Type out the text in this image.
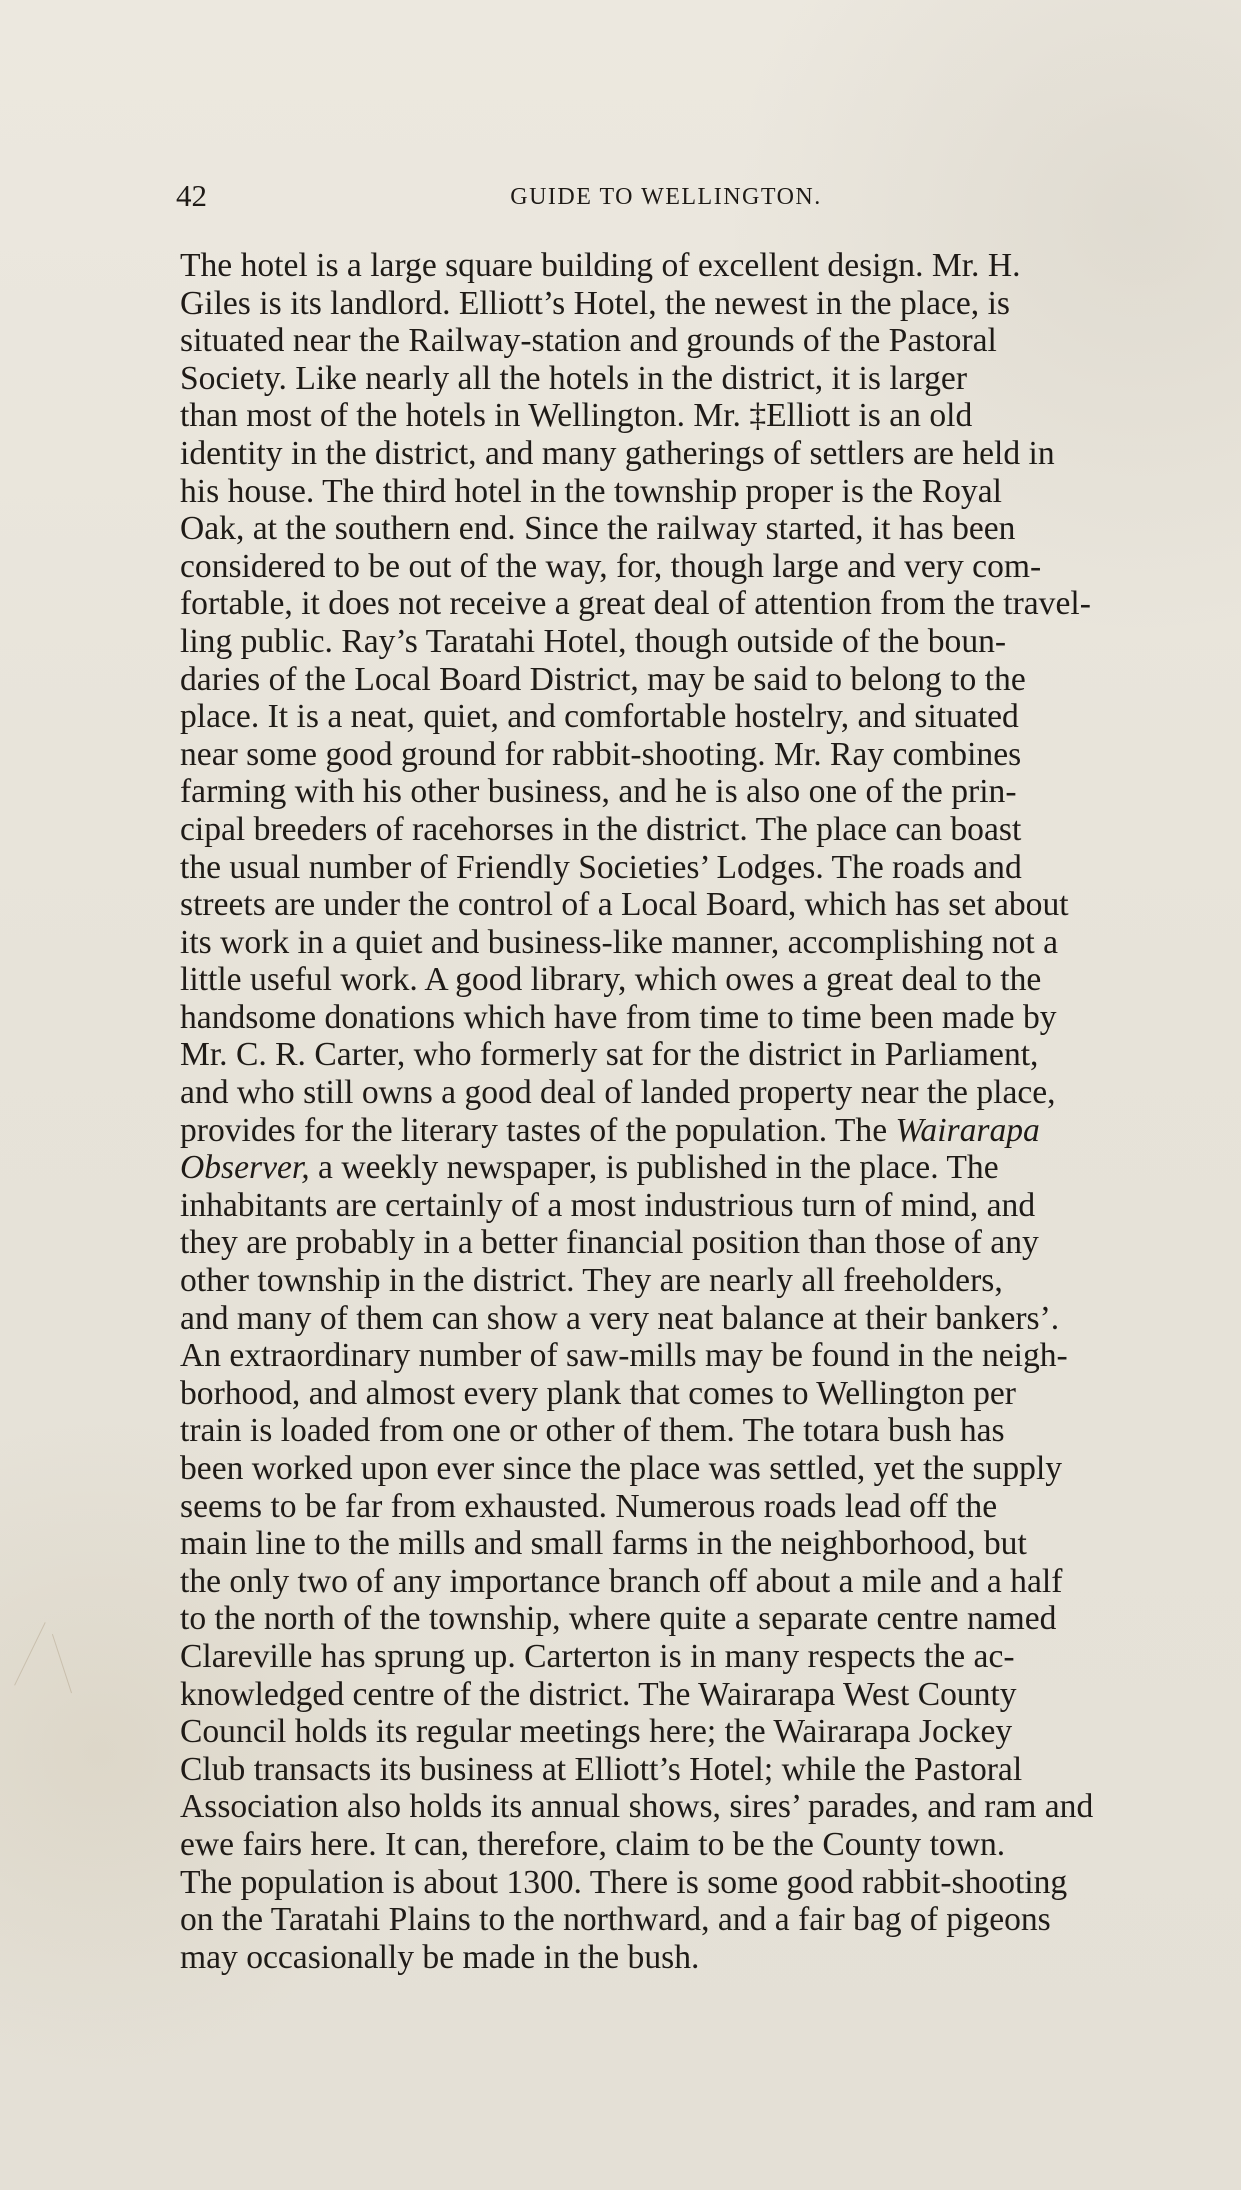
42	GUIDE TO WELLINGTON.
The hotel is a large square building of excellent design. Mr. H.
Giles is its landlord. Elliott’s Hotel, the newest in the place, is
situated near the Railway-station and grounds of the Pastoral
Society. Like nearly all the hotels in the district, it is larger
than most of the hotels in Wellington. Mr. ‡Elliott is an old
identity in the district, and many gatherings of settlers are held in
his house. The third hotel in the township proper is the Royal
Oak, at the southern end. Since the railway started, it has been
considered to be out of the way, for, though large and very com-
fortable, it does not receive a great deal of attention from the travel-
ling public. Ray’s Taratahi Hotel, though outside of the boun-
daries of the Local Board District, may be said to belong to the
place. It is a neat, quiet, and comfortable hostelry, and situated
near some good ground for rabbit-shooting. Mr. Ray combines
farming with his other business, and he is also one of the prin-
cipal breeders of racehorses in the district. The place can boast
the usual number of Friendly Societies’ Lodges. The roads and
streets are under the control of a Local Board, which has set about
its work in a quiet and business-like manner, accomplishing not a
little useful work. A good library, which owes a great deal to the
handsome donations which have from time to time been made by
Mr. C. R. Carter, who formerly sat for the district in Parliament,
and who still owns a good deal of landed property near the place,
provides for the literary tastes of the population. The Wairarapa
Observer, a weekly newspaper, is published in the place. The
inhabitants are certainly of a most industrious turn of mind, and
they are probably in a better financial position than those of any
other township in the district. They are nearly all freeholders,
and many of them can show a very neat balance at their bankers’.
An extraordinary number of saw-mills may be found in the neigh-
borhood, and almost every plank that comes to Wellington per
train is loaded from one or other of them. The totara bush has
been worked upon ever since the place was settled, yet the supply
seems to be far from exhausted. Numerous roads lead off the
main line to the mills and small farms in the neighborhood, but
the only two of any importance branch off about a mile and a half
to the north of the township, where quite a separate centre named
Clareville has sprung up. Carterton is in many respects the ac-
knowledged centre of the district. The Wairarapa West County
Council holds its regular meetings here; the Wairarapa Jockey
Club transacts its business at Elliott’s Hotel; while the Pastoral
Association also holds its annual shows, sires’ parades, and ram and
ewe fairs here. It can, therefore, claim to be the County town.
The population is about 1300. There is some good rabbit-shooting
on the Taratahi Plains to the northward, and a fair bag of pigeons
may occasionally be made in the bush.
